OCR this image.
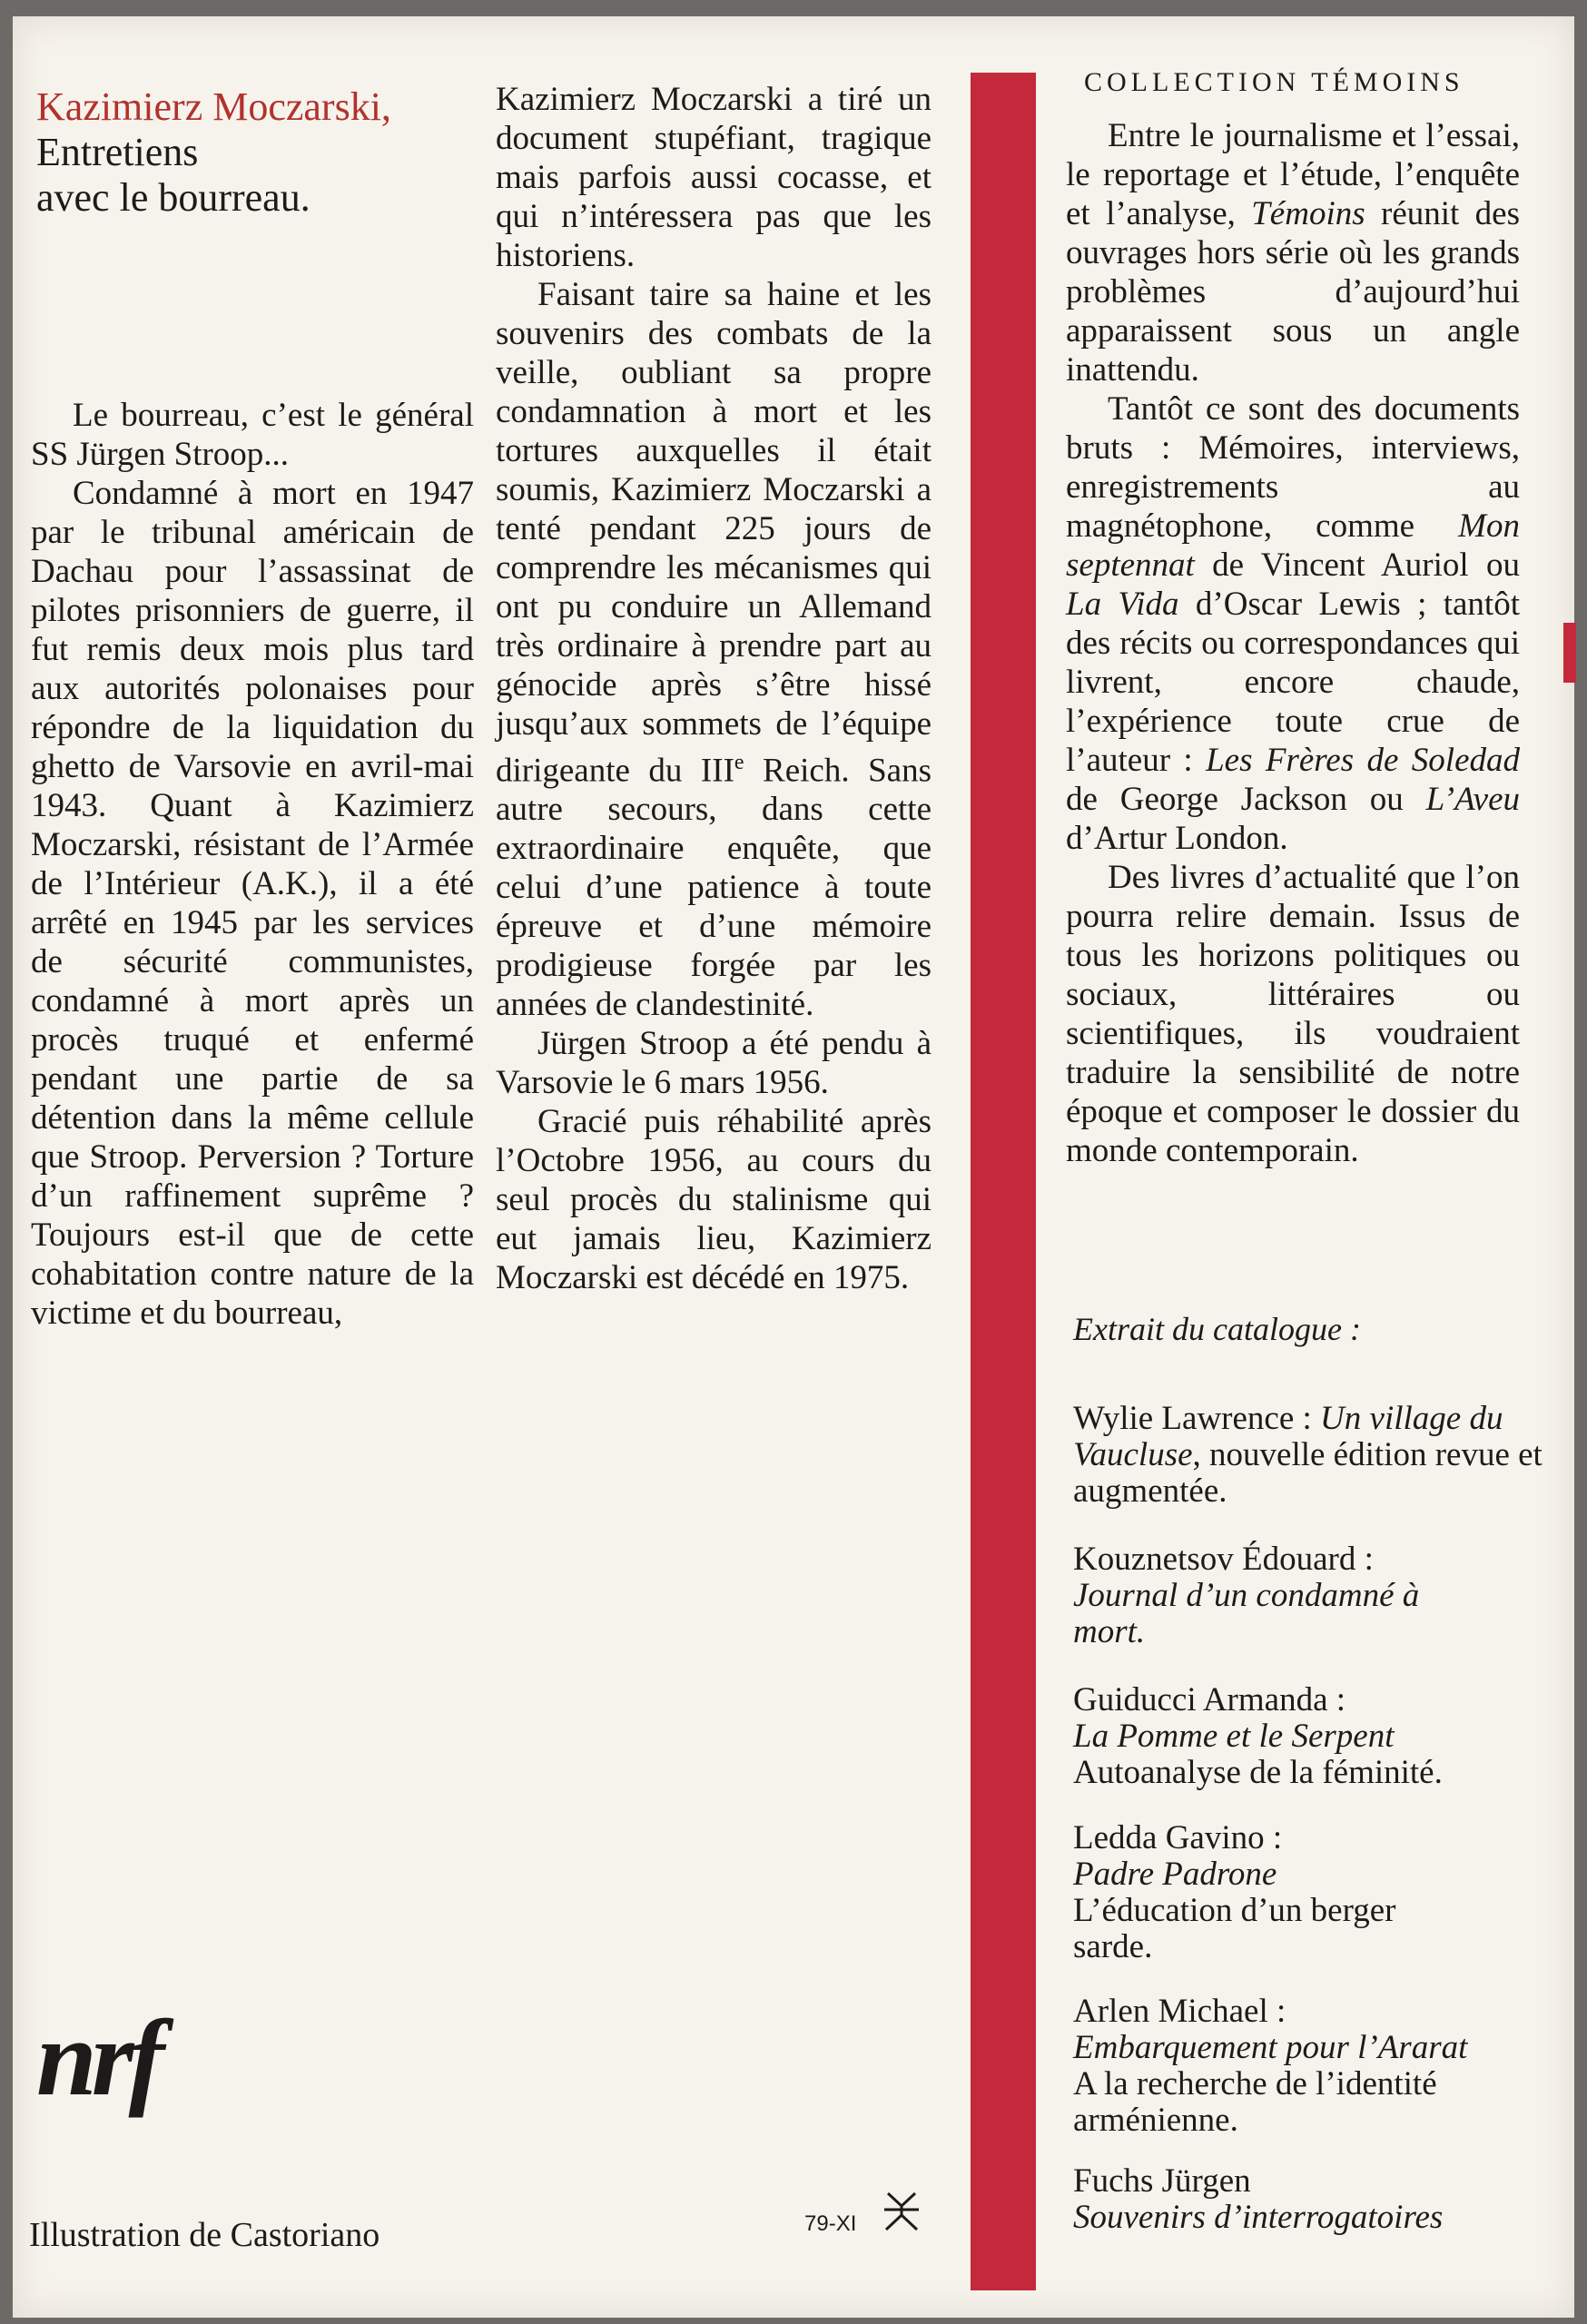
Kazimierz Moczarski,
Entretiens
avec le bourreau.

Le bourreau, c’est le général SS Jürgen Stroop...

Condamné à mort en 1947 par le tribunal américain de Dachau pour l’assassinat de pilotes prisonniers de guerre, il fut remis deux mois plus tard aux autorités polonaises pour répondre de la liquidation du ghetto de Varsovie en avril-mai 1943. Quant à Kazimierz Moczarski, résistant de l’Armée de l’Intérieur (A.K.), il a été arrêté en 1945 par les services de sécurité communistes, condamné à mort après un procès truqué et enfermé pendant une partie de sa détention dans la même cellule que Stroop. Perversion ? Torture d’un raffinement suprême ? Toujours est-il que de cette cohabitation contre nature de la victime et du bourreau,

Kazimierz Moczarski a tiré un document stupéfiant, tragique mais parfois aussi cocasse, et qui n’intéressera pas que les historiens.

Faisant taire sa haine et les souvenirs des combats de la veille, oubliant sa propre condamnation à mort et les tortures auxquelles il était soumis, Kazimierz Moczarski a tenté pendant 225 jours de comprendre les mécanismes qui ont pu conduire un Allemand très ordinaire à prendre part au génocide après s’être hissé jusqu’aux sommets de l’équipe dirigeante du IIIe Reich. Sans autre secours, dans cette extraordinaire enquête, que celui d’une patience à toute épreuve et d’une mémoire prodigieuse forgée par les années de clandestinité.

Jürgen Stroop a été pendu à Varsovie le 6 mars 1956.

Gracié puis réhabilité après l’Octobre 1956, au cours du seul procès du stalinisme qui eut jamais lieu, Kazimierz Moczarski est décédé en 1975.

COLLECTION TÉMOINS

Entre le journalisme et l’essai, le reportage et l’étude, l’enquête et l’analyse, Témoins réunit des ouvrages hors série où les grands problèmes d’aujourd’hui apparaissent sous un angle inattendu.

Tantôt ce sont des documents bruts : Mémoires, interviews, enregistrements au magnétophone, comme Mon septennat de Vincent Auriol ou La Vida d’Oscar Lewis ; tantôt des récits ou correspondances qui livrent, encore chaude, l’expérience toute crue de l’auteur : Les Frères de Soledad de George Jackson ou L’Aveu d’Artur London.

Des livres d’actualité que l’on pourra relire demain. Issus de tous les horizons politiques ou sociaux, littéraires ou scientifiques, ils voudraient traduire la sensibilité de notre époque et composer le dossier du monde contemporain.

Extrait du catalogue :
Wylie Lawrence : Un village du Vaucluse, nouvelle édition revue et augmentée.
Kouznetsov Édouard :
Journal d’un condamné à mort.
Guiducci Armanda :
La Pomme et le Serpent
Autoanalyse de la féminité.
Ledda Gavino :
Padre Padrone
L’éducation d’un berger sarde.
Arlen Michael :
Embarquement pour l’Ararat
A la recherche de l’identité arménienne.
Fuchs Jürgen
Souvenirs d’interrogatoires
nrf
Illustration de Castoriano	79-XI
